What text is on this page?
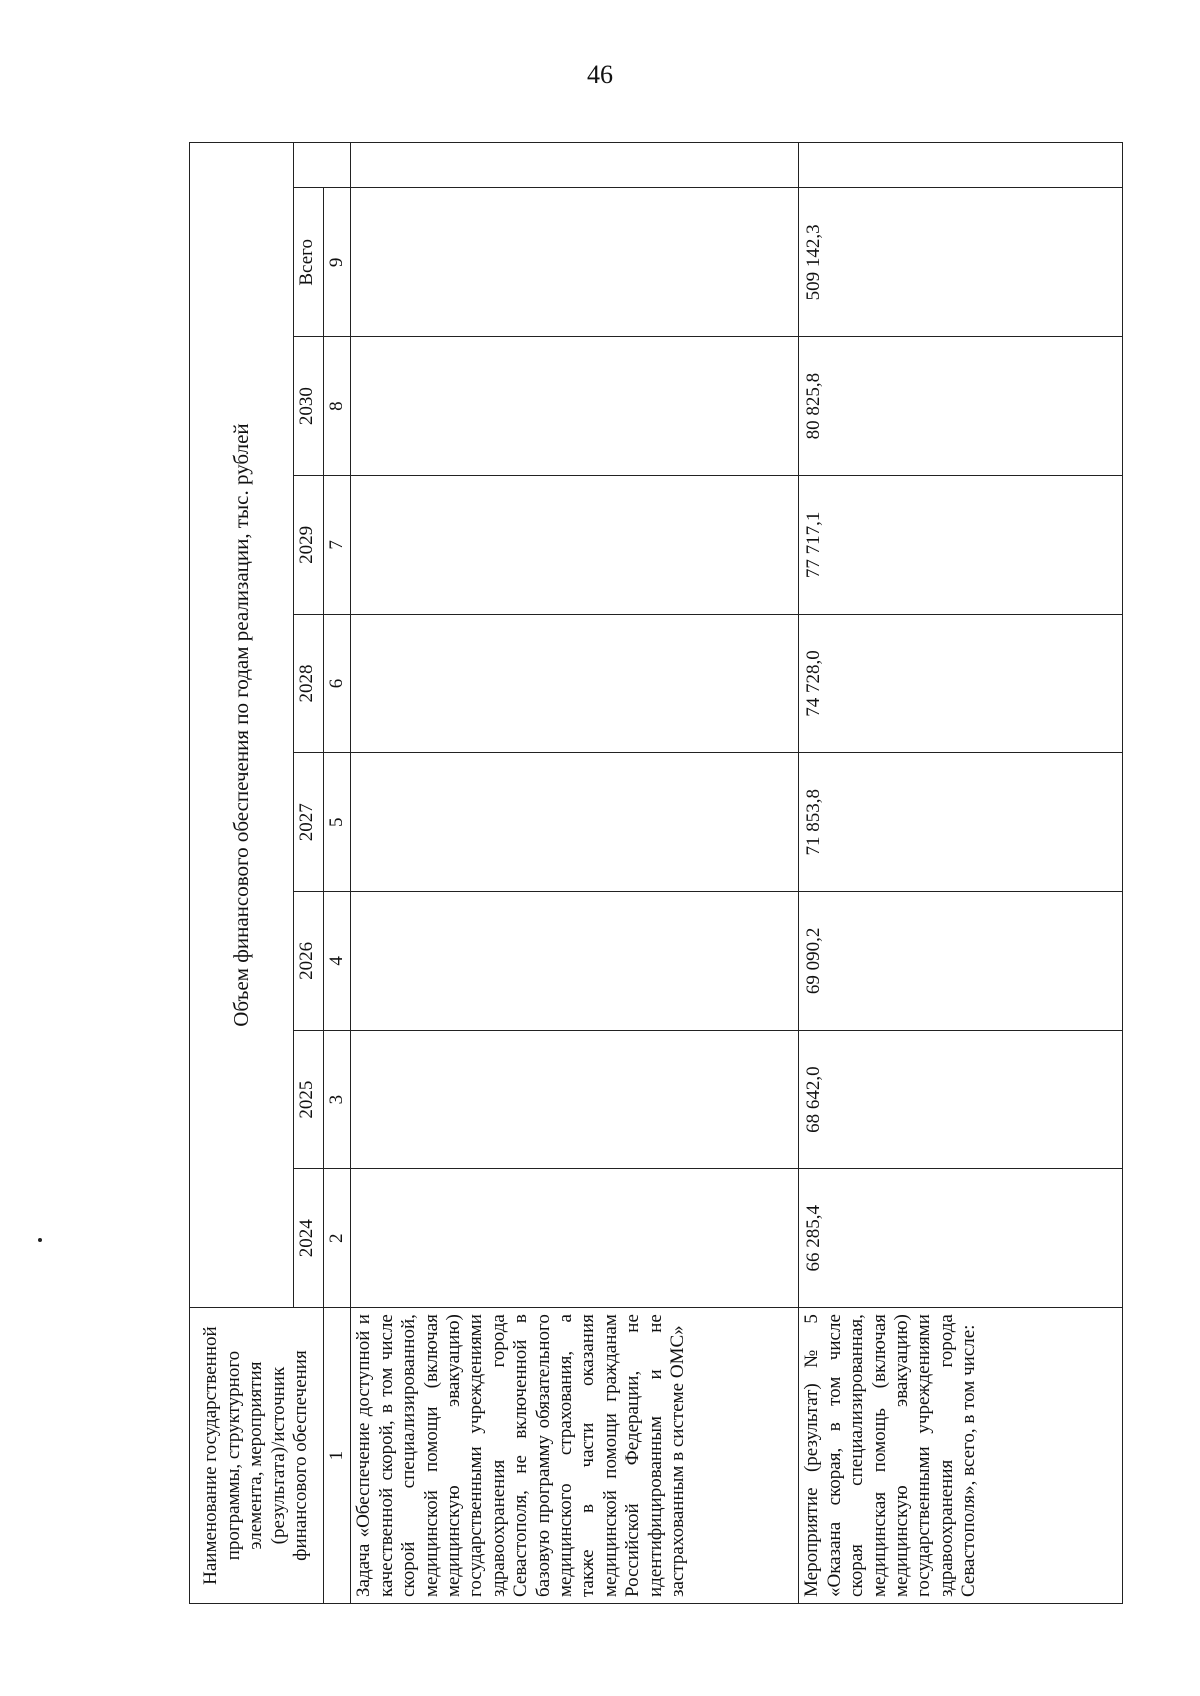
46
Наименование государственной программы, структурного элемента, мероприятия (результата)/источник финансового обеспечения	Объем финансового обеспечения по годам реализации, тыс. рублей								
	2024	2025	2026	2027	2028	2029	2030	Всего	
1	2	3	4	5	6	7	8	9	
Задача «Обеспечение доступной и качественной скорой, в том числе скорой специализированной, медицинской помощи (включая медицинскую эвакуацию) государственными учреждениями здравоохранения города Севастополя, не включенной в базовую программу обязательного медицинского страхования, а также в части оказания медицинской помощи гражданам Российской Федерации, не идентифицированным и не застрахованным в системе ОМС»									
Мероприятие (результат) № 5 «Оказана скорая, в том числе скорая специализированная, медицинская помощь (включая медицинскую эвакуацию) государственными учреждениями здравоохранения города Севастополя», всего, в том числе:	66 285,4	68 642,0	69 090,2	71 853,8	74 728,0	77 717,1	80 825,8	509 142,3	
